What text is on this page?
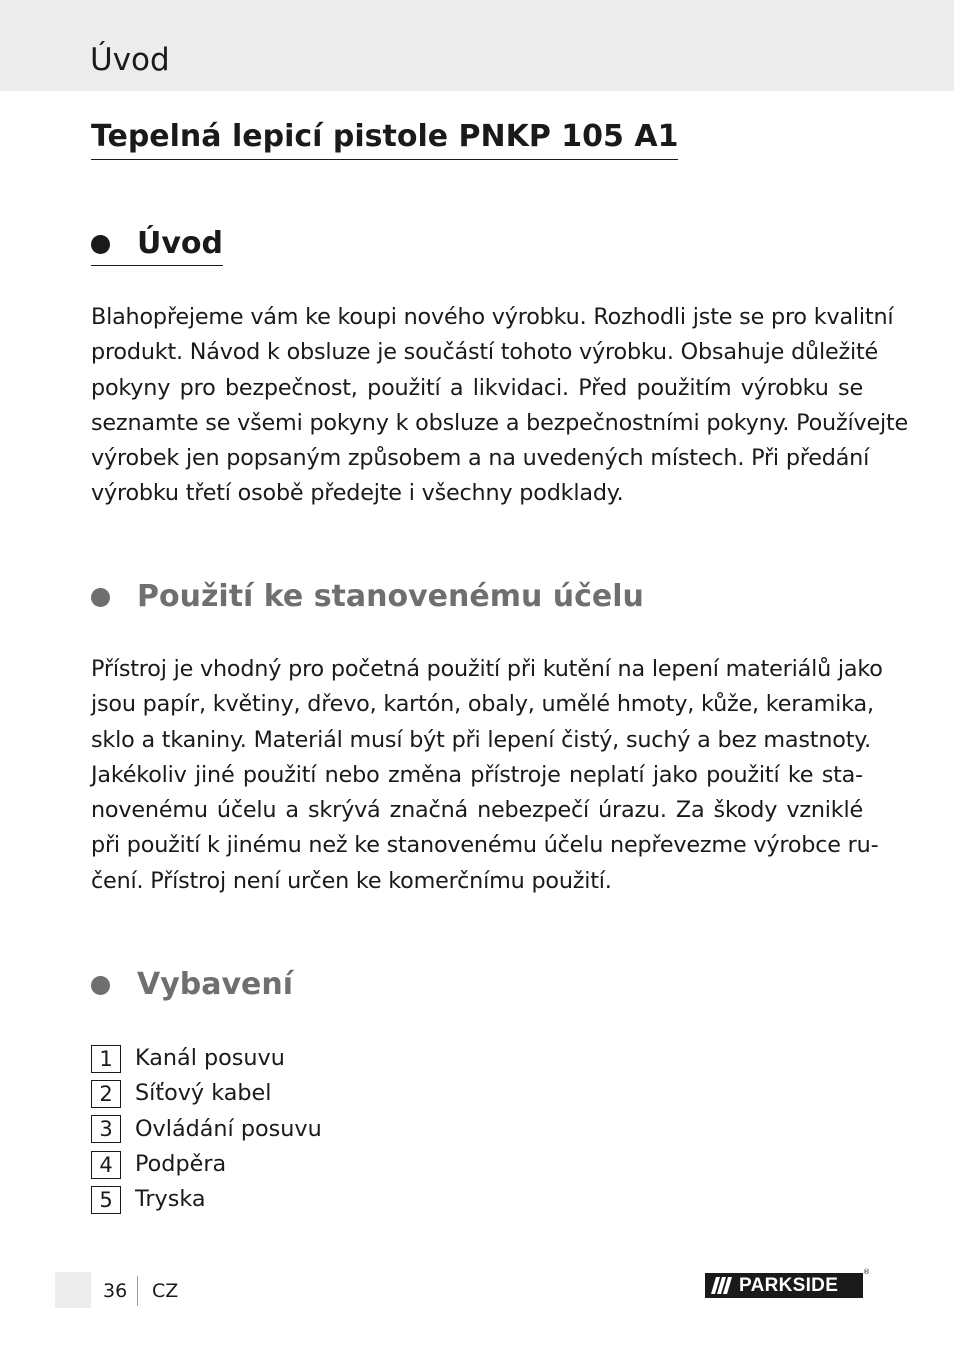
Úvod
Tepelná lepicí pistole PNKP 105 A1
Úvod

Blahopřejeme vám ke koupi nového výrobku. Rozhodli jste se pro kvalitní
produkt. Návod k obsluze je součástí tohoto výrobku. Obsahuje důležité
pokyny pro bezpečnost, použití a likvidaci. Před použitím výrobku se
seznamte se všemi pokyny k obsluze a bezpečnostními pokyny. Používejte
výrobek jen popsaným způsobem a na uvedených místech. Při předání
výrobku třetí osobě předejte i všechny podklady.

Použití ke stanovenému účelu

Přístroj je vhodný pro početná použití při kutění na lepení materiálů jako
jsou papír, květiny, dřevo, kartón, obaly, umělé hmoty, kůže, keramika,
sklo a tkaniny. Materiál musí být při lepení čistý, suchý a bez mastnoty.
Jakékoliv jiné použití nebo změna přístroje neplatí jako použití ke sta-
novenému účelu a skrývá značná nebezpečí úrazu. Za škody vzniklé
při použití k jinému než ke stanovenému účelu nepřevezme výrobce ru-
čení. Přístroj není určen ke komerčnímu použití.

Vybavení
1	Kanál posuvu
2	Síťový kabel
3	Ovládání posuvu
4	Podpěra
5	Tryska
36 CZ	PARKSIDE
®
